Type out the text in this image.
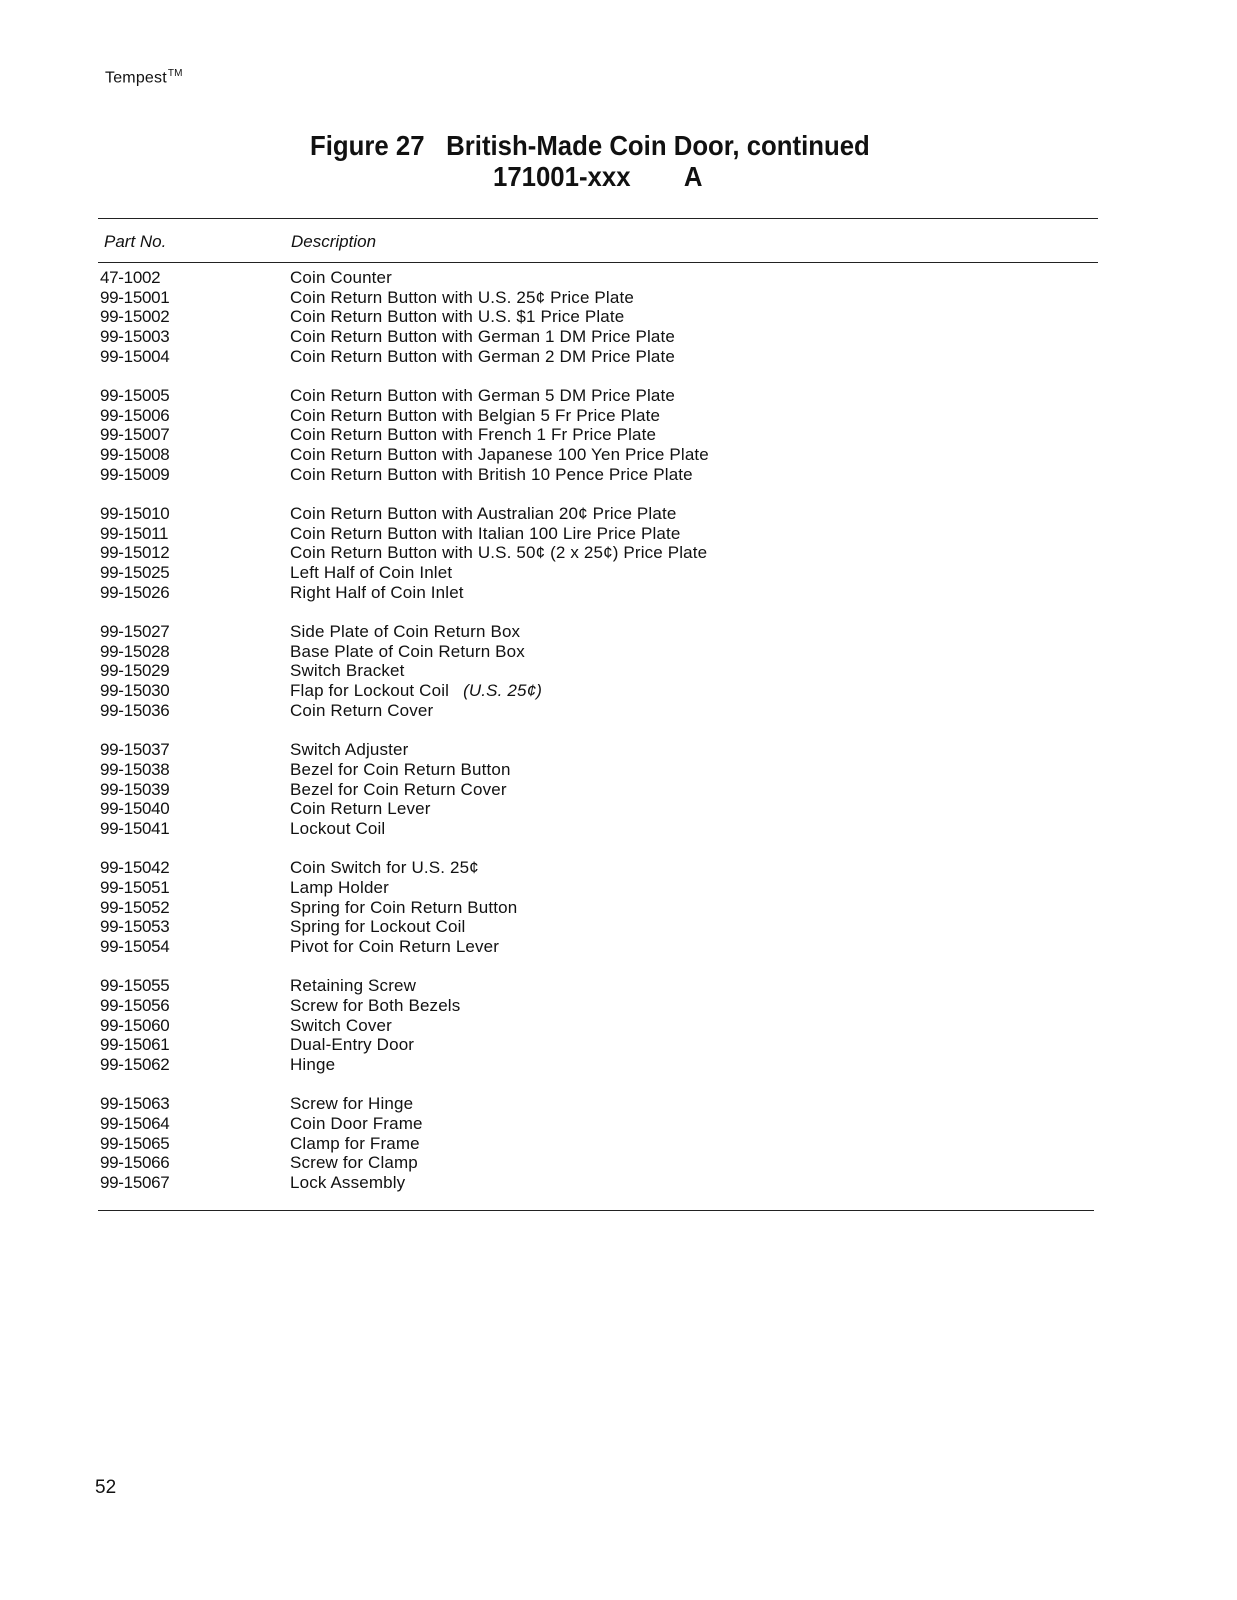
Tempest™
Figure 27 British-Made Coin Door, continued
171001-xxx A
Part No.	Description
47-1002	Coin Counter
99-15001	Coin Return Button with U.S. 25¢ Price Plate
99-15002	Coin Return Button with U.S. $1 Price Plate
99-15003	Coin Return Button with German 1 DM Price Plate
99-15004	Coin Return Button with German 2 DM Price Plate
99-15005	Coin Return Button with German 5 DM Price Plate
99-15006	Coin Return Button with Belgian 5 Fr Price Plate
99-15007	Coin Return Button with French 1 Fr Price Plate
99-15008	Coin Return Button with Japanese 100 Yen Price Plate
99-15009	Coin Return Button with British 10 Pence Price Plate
99-15010	Coin Return Button with Australian 20¢ Price Plate
99-15011	Coin Return Button with Italian 100 Lire Price Plate
99-15012	Coin Return Button with U.S. 50¢ (2 x 25¢) Price Plate
99-15025	Left Half of Coin Inlet
99-15026	Right Half of Coin Inlet
99-15027	Side Plate of Coin Return Box
99-15028	Base Plate of Coin Return Box
99-15029	Switch Bracket
99-15030	Flap for Lockout Coil (U.S. 25¢)
99-15036	Coin Return Cover
99-15037	Switch Adjuster
99-15038	Bezel for Coin Return Button
99-15039	Bezel for Coin Return Cover
99-15040	Coin Return Lever
99-15041	Lockout Coil
99-15042	Coin Switch for U.S. 25¢
99-15051	Lamp Holder
99-15052	Spring for Coin Return Button
99-15053	Spring for Lockout Coil
99-15054	Pivot for Coin Return Lever
99-15055	Retaining Screw
99-15056	Screw for Both Bezels
99-15060	Switch Cover
99-15061	Dual-Entry Door
99-15062	Hinge
99-15063	Screw for Hinge
99-15064	Coin Door Frame
99-15065	Clamp for Frame
99-15066	Screw for Clamp
99-15067	Lock Assembly
52
